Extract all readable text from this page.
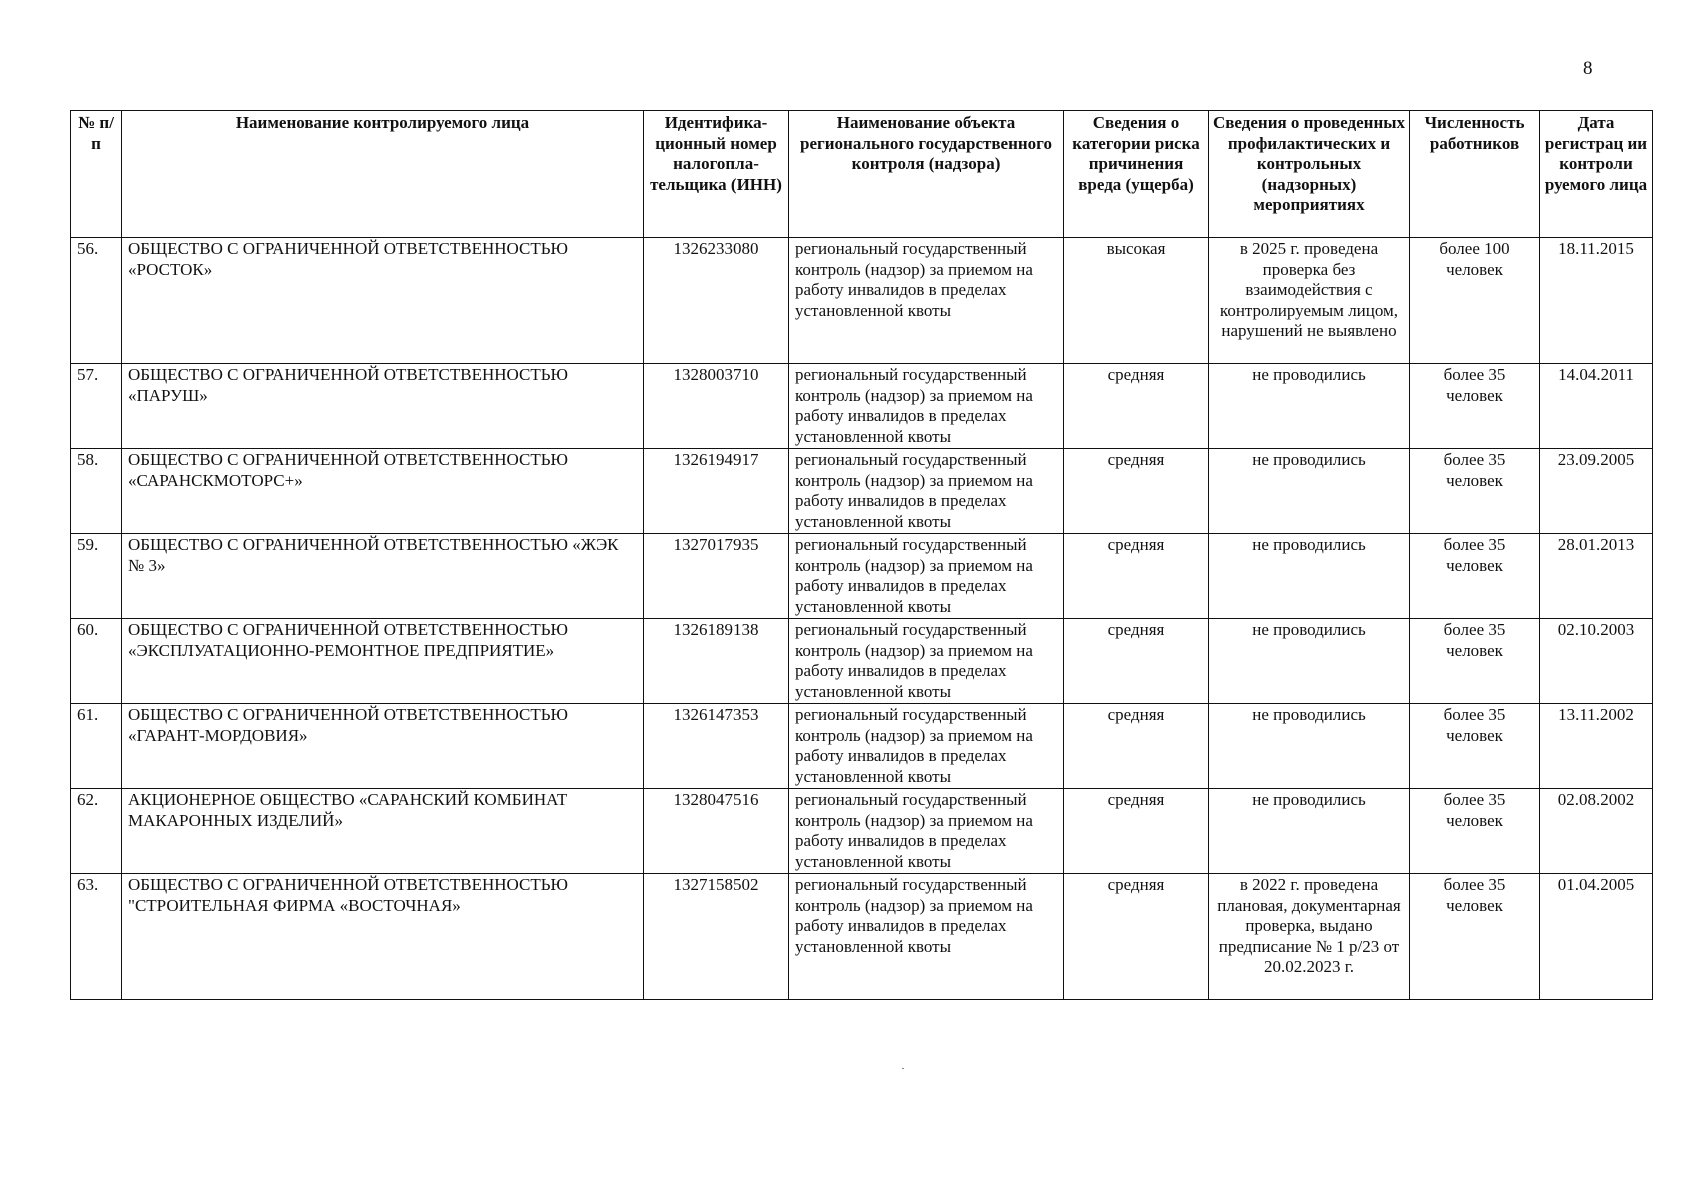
8
№ п/п	Наименование контролируемого лица	Идентифика-ционный номер налогопла-тельщика (ИНН)	Наименование объекта регионального государственного контроля (надзора)	Сведения о категории риска причинения вреда (ущерба)	Сведения о проведенных профилактических и контрольных (надзорных) мероприятиях	Численность работников	Дата регистрац ии контроли руемого лица
56.	ОБЩЕСТВО С ОГРАНИЧЕННОЙ ОТВЕТСТВЕННОСТЬЮ «РОСТОК»	1326233080	региональный государственный контроль (надзор) за приемом на работу инвалидов в пределах установленной квоты	высокая	в 2025 г. проведена проверка без взаимодействия с контролируемым лицом, нарушений не выявлено	более 100 человек	18.11.2015
57.	ОБЩЕСТВО С ОГРАНИЧЕННОЙ ОТВЕТСТВЕННОСТЬЮ «ПАРУШ»	1328003710	региональный государственный контроль (надзор) за приемом на работу инвалидов в пределах установленной квоты	средняя	не проводились	более 35 человек	14.04.2011
58.	ОБЩЕСТВО С ОГРАНИЧЕННОЙ ОТВЕТСТВЕННОСТЬЮ «САРАНСКМОТОРС+»	1326194917	региональный государственный контроль (надзор) за приемом на работу инвалидов в пределах установленной квоты	средняя	не проводились	более 35 человек	23.09.2005
59.	ОБЩЕСТВО С ОГРАНИЧЕННОЙ ОТВЕТСТВЕННОСТЬЮ «ЖЭК № 3»	1327017935	региональный государственный контроль (надзор) за приемом на работу инвалидов в пределах установленной квоты	средняя	не проводились	более 35 человек	28.01.2013
60.	ОБЩЕСТВО С ОГРАНИЧЕННОЙ ОТВЕТСТВЕННОСТЬЮ «ЭКСПЛУАТАЦИОННО-РЕМОНТНОЕ ПРЕДПРИЯТИЕ»	1326189138	региональный государственный контроль (надзор) за приемом на работу инвалидов в пределах установленной квоты	средняя	не проводились	более 35 человек	02.10.2003
61.	ОБЩЕСТВО С ОГРАНИЧЕННОЙ ОТВЕТСТВЕННОСТЬЮ «ГАРАНТ-МОРДОВИЯ»	1326147353	региональный государственный контроль (надзор) за приемом на работу инвалидов в пределах установленной квоты	средняя	не проводились	более 35 человек	13.11.2002
62.	АКЦИОНЕРНОЕ ОБЩЕСТВО «САРАНСКИЙ КОМБИНАТ МАКАРОННЫХ ИЗДЕЛИЙ»	1328047516	региональный государственный контроль (надзор) за приемом на работу инвалидов в пределах установленной квоты	средняя	не проводились	более 35 человек	02.08.2002
63.	ОБЩЕСТВО С ОГРАНИЧЕННОЙ ОТВЕТСТВЕННОСТЬЮ "СТРОИТЕЛЬНАЯ ФИРМА «ВОСТОЧНАЯ»	1327158502	региональный государственный контроль (надзор) за приемом на работу инвалидов в пределах установленной квоты	средняя	в 2022 г. проведена плановая, документарная проверка, выдано предписание № 1 р/23 от 20.02.2023 г.	более 35 человек	01.04.2005
